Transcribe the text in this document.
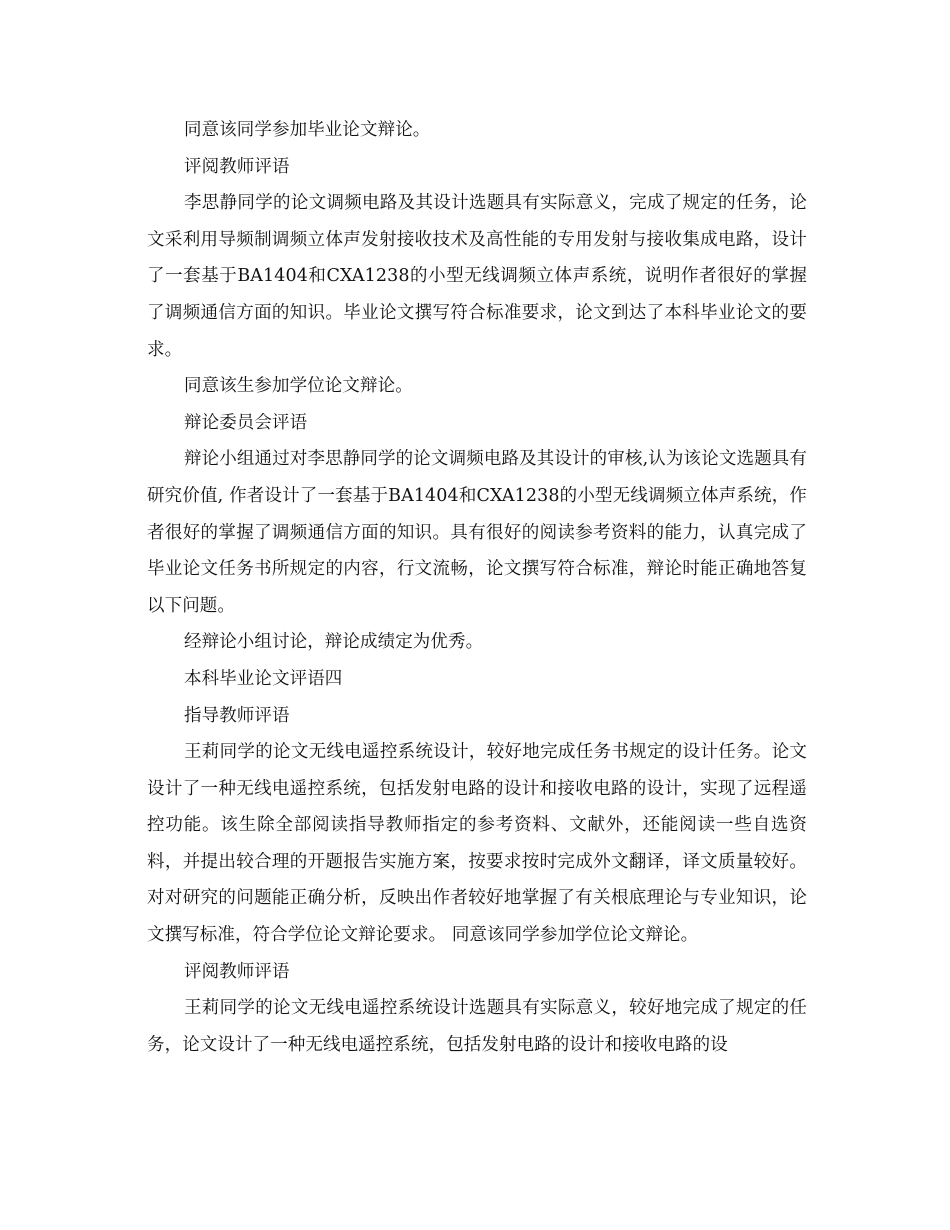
同意该同学参加毕业论文辩论。

评阅教师评语

李思静同学的论文调频电路及其设计选题具有实际意义，完成了规定的任务，论文采利用导频制调频立体声发射接收技术及高性能的专用发射与接收集成电路，设计了一套基于BA1404和CXA1238的小型无线调频立体声系统，说明作者很好的掌握了调频通信方面的知识。毕业论文撰写符合标准要求，论文到达了本科毕业论文的要求。

同意该生参加学位论文辩论。

辩论委员会评语

辩论小组通过对李思静同学的论文调频电路及其设计的审核,认为该论文选题具有研究价值, 作者设计了一套基于BA1404和CXA1238的小型无线调频立体声系统，作者很好的掌握了调频通信方面的知识。具有很好的阅读参考资料的能力，认真完成了毕业论文任务书所规定的内容，行文流畅，论文撰写符合标准，辩论时能正确地答复以下问题。

经辩论小组讨论，辩论成绩定为优秀。

本科毕业论文评语四

指导教师评语

王莉同学的论文无线电遥控系统设计，较好地完成任务书规定的设计任务。论文设计了一种无线电遥控系统，包括发射电路的设计和接收电路的设计，实现了远程遥控功能。该生除全部阅读指导教师指定的参考资料、文献外，还能阅读一些自选资料，并提出较合理的开题报告实施方案，按要求按时完成外文翻译，译文质量较好。对对研究的问题能正确分析，反映出作者较好地掌握了有关根底理论与专业知识，论文撰写标准，符合学位论文辩论要求。 同意该同学参加学位论文辩论。

评阅教师评语

王莉同学的论文无线电遥控系统设计选题具有实际意义，较好地完成了规定的任务，论文设计了一种无线电遥控系统，包括发射电路的设计和接收电路的设
